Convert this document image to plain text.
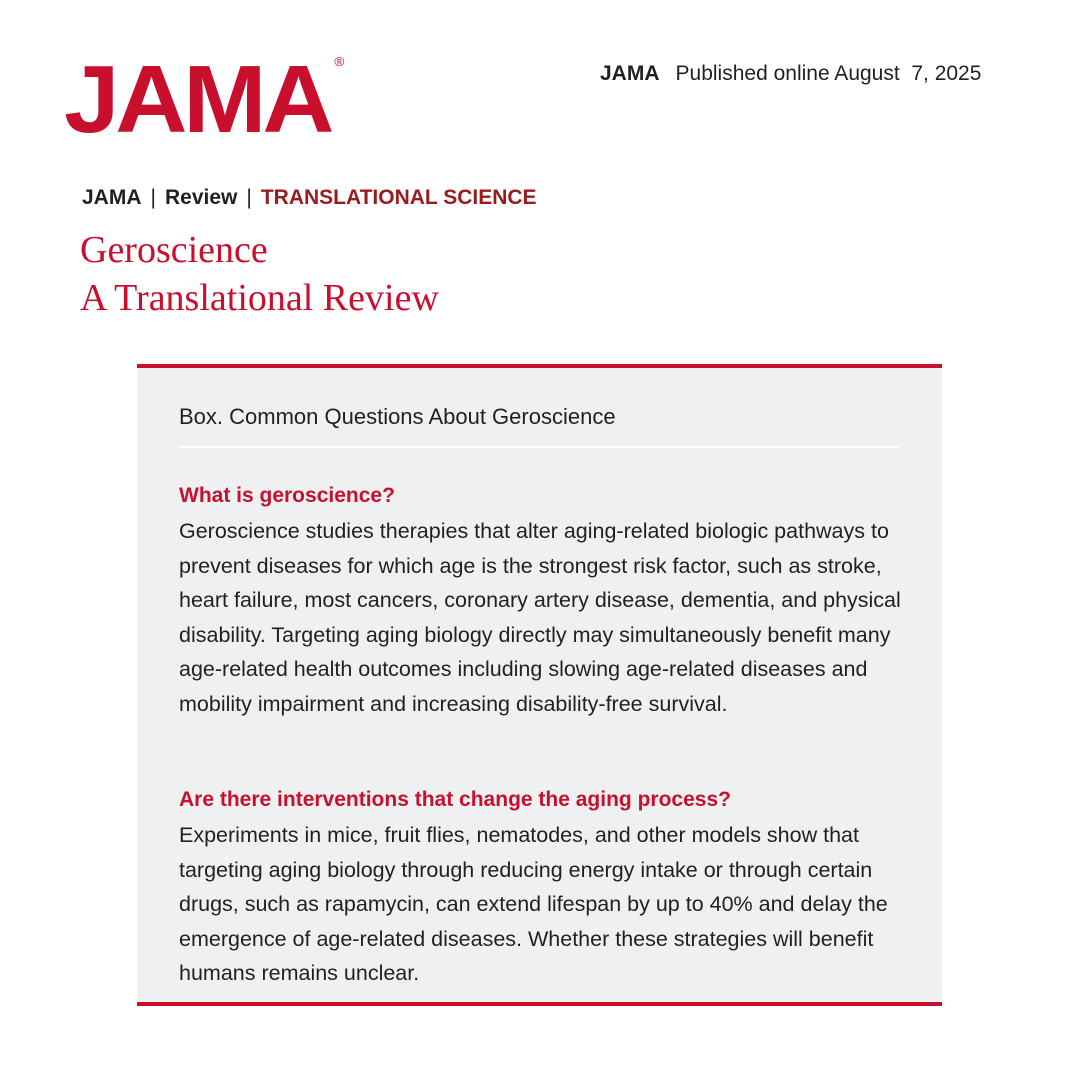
JAMA ®
JAMA Published online August  7, 2025
JAMA | Review | TRANSLATIONAL SCIENCE
Geroscience
A Translational Review
Box. Common Questions About Geroscience
What is geroscience?
Geroscience studies therapies that alter aging-related biologic pathways to prevent diseases for which age is the strongest risk factor, such as stroke, heart failure, most cancers, coronary artery disease, dementia, and physical disability. Targeting aging biology directly may simultaneously benefit many age-related health outcomes including slowing age-related diseases and mobility impairment and increasing disability-free survival.
Are there interventions that change the aging process?
Experiments in mice, fruit flies, nematodes, and other models show that targeting aging biology through reducing energy intake or through certain drugs, such as rapamycin, can extend lifespan by up to 40% and delay the emergence of age-related diseases. Whether these strategies will benefit humans remains unclear.
